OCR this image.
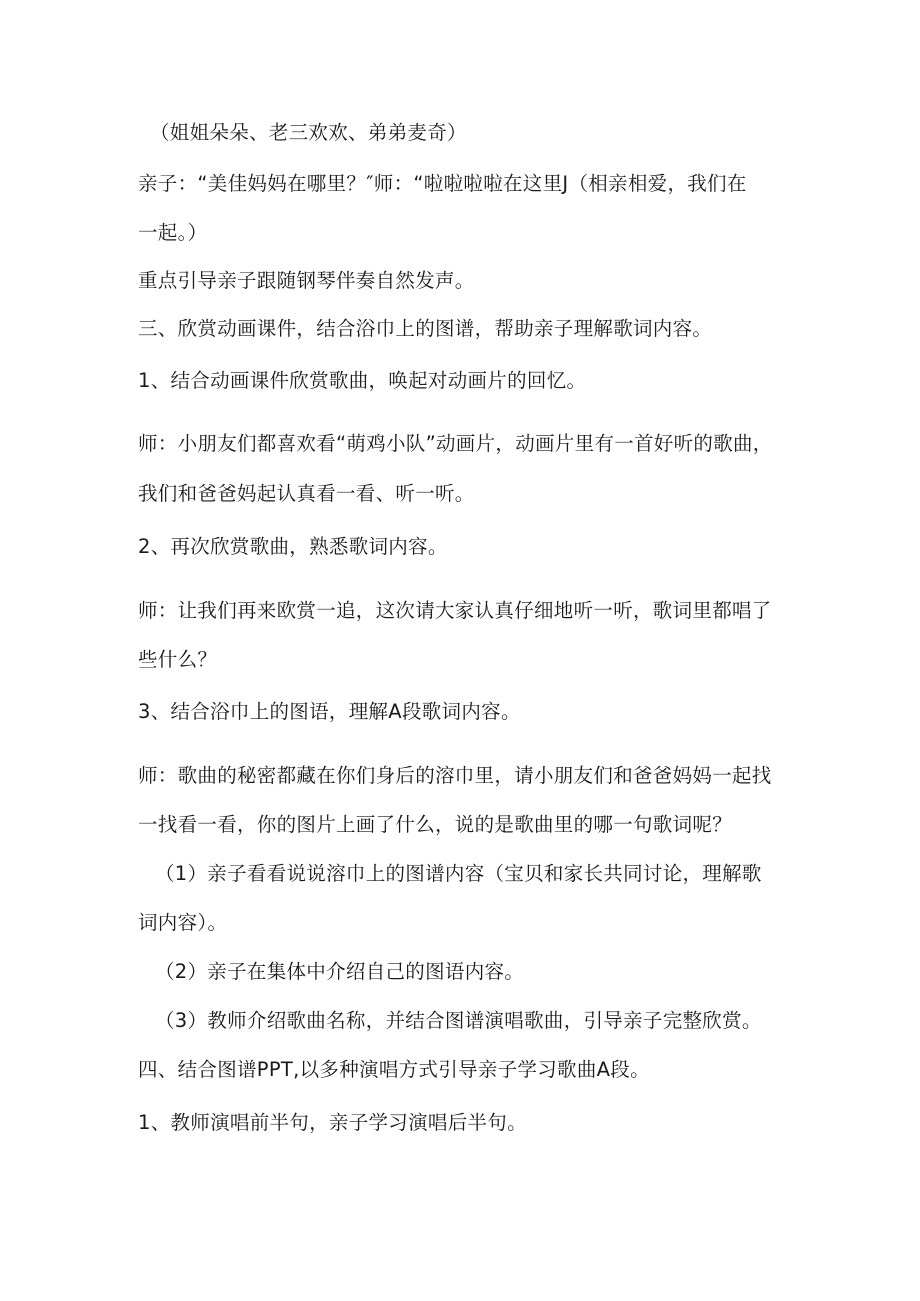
（姐姐朵朵、老三欢欢、弟弟麦奇）
亲子：“美佳妈妈在哪里？″师：“啦啦啦啦在这里J（相亲相爱，我们在
一起。）
重点引导亲子跟随钢琴伴奏自然发声。
三、欣赏动画课件，结合浴巾上的图谱，帮助亲子理解歌词内容。
1、结合动画课件欣赏歌曲，唤起对动画片的回忆。
师：小朋友们都喜欢看“萌鸡小队”动画片，动画片里有一首好听的歌曲，
我们和爸爸妈起认真看一看、听一听。
2、再次欣赏歌曲，熟悉歌词内容。
师：让我们再来欧赏一追，这次请大家认真仔细地听一听，歌词里都唱了
些什么？
3、结合浴巾上的图语，理解A段歌词内容。
师：歌曲的秘密都藏在你们身后的溶巾里，请小朋友们和爸爸妈妈一起找
一找看一看，你的图片上画了什么，说的是歌曲里的哪一句歌词呢？
（1）亲子看看说说溶巾上的图谱内容（宝贝和家长共同讨论，理解歌
词内容）。
（2）亲子在集体中介绍自己的图语内容。
（3）教师介绍歌曲名称，并结合图谱演唱歌曲，引导亲子完整欣赏。
四、结合图谱PPT,以多种演唱方式引导亲子学习歌曲A段。
1、教师演唱前半句，亲子学习演唱后半句。
